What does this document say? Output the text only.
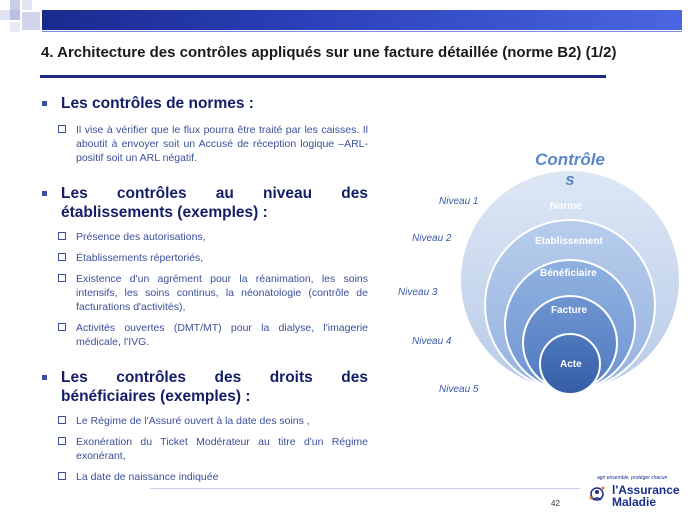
4. Architecture des contrôles appliqués sur une facture détaillée (norme B2) (1/2)
Les contrôles de normes :
Il vise à vérifier que le flux pourra être traité par les caisses. Il aboutit à envoyer soit un Accusé de réception logique –ARL- positif soit un ARL négatif.
Les contrôles au niveau des établissements (exemples) :
Présence des autorisations,
Établissements répertoriés,
Existence d'un agrément pour la réanimation, les soins intensifs, les soins continus, la néonatologie (contrôle de facturations d'activités),
Activités ouvertes (DMT/MT) pour la dialyse, l'imagerie médicale, l'IVG.
Les contrôles des droits des bénéficiaires (exemples) :
Le Régime de l'Assuré ouvert à la date des soins ,
Exonération du Ticket Modérateur au titre d'un Régime exonérant,
La date de naissance indiquée
Contrôle
s
Norme
Etablissement
Bénéficiaire
Facture
Acte
Niveau 1
Niveau 2
Niveau 3
Niveau 4
Niveau 5
42
agir ensemble, protéger chacun
l'Assurance
Maladie
